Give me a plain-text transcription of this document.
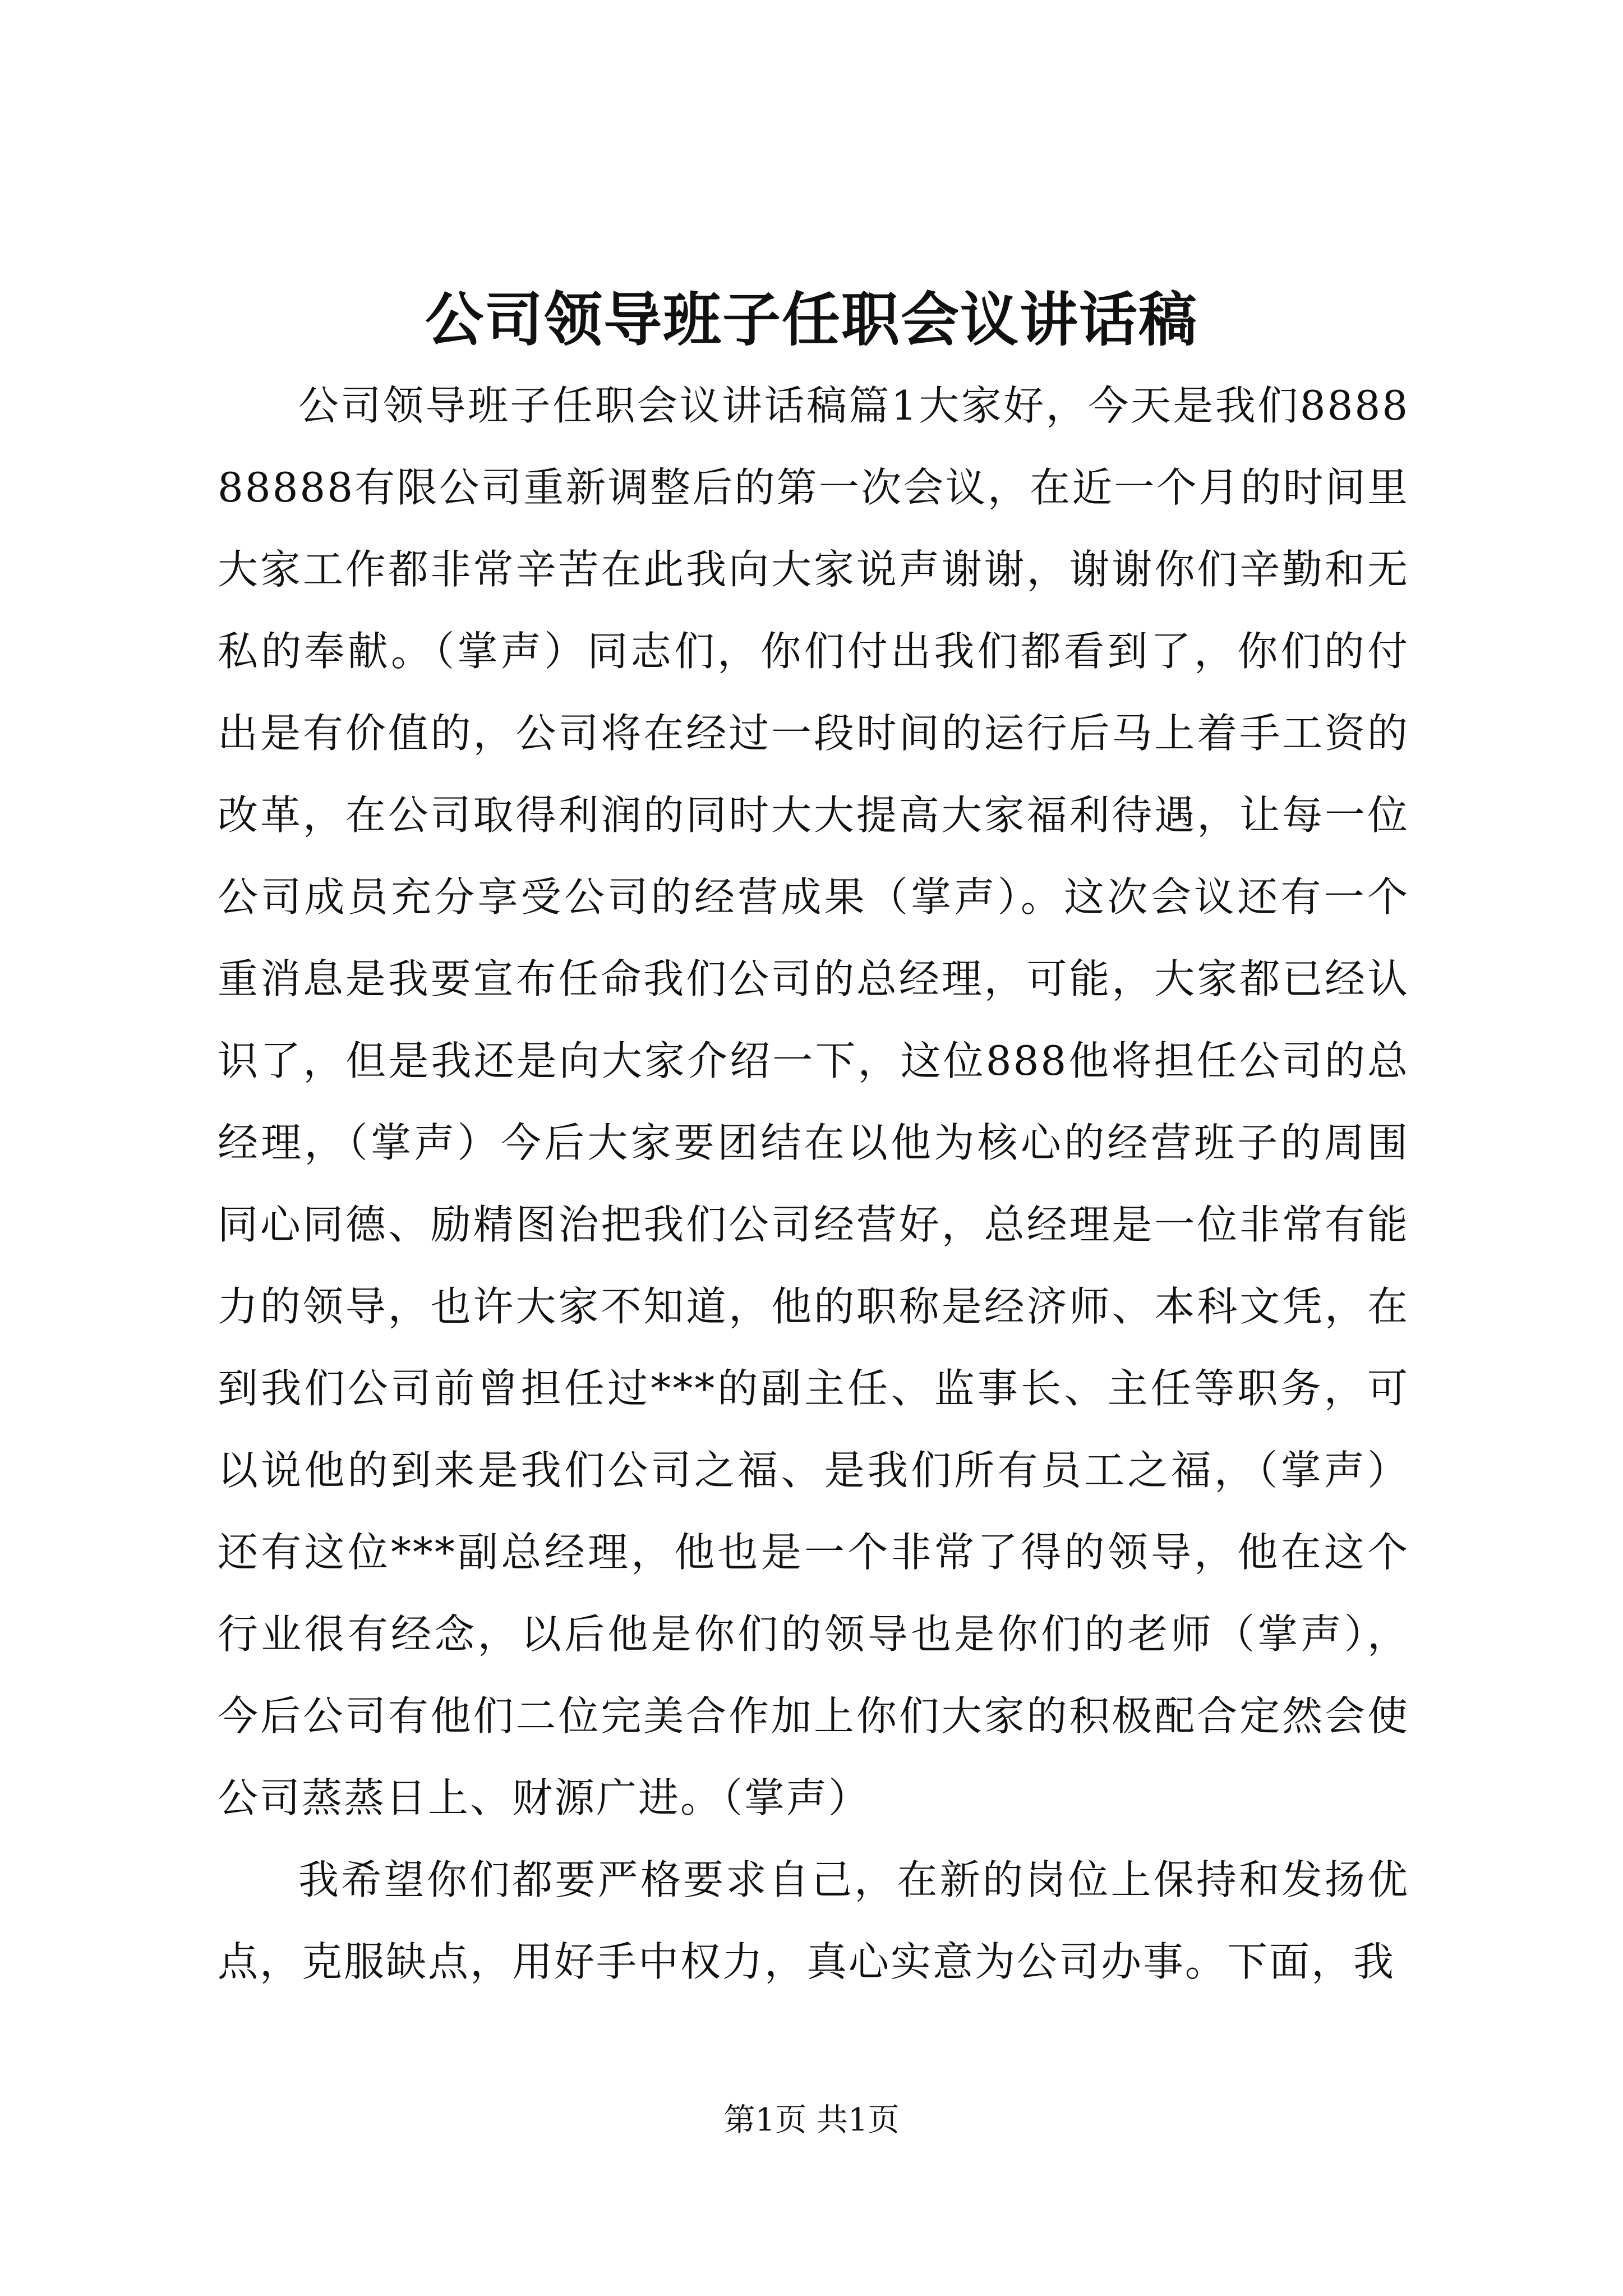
公司领导班子任职会议讲话稿

公司领导班子任职会议讲话稿篇1大家好，今天是我们888888888有限公司重新调整后的第一次会议，在近一个月的时间里大家工作都非常辛苦在此我向大家说声谢谢，谢谢你们辛勤和无私的奉献。（掌声）同志们，你们付出我们都看到了，你们的付出是有价值的，公司将在经过一段时间的运行后马上着手工资的改革，在公司取得利润的同时大大提高大家福利待遇，让每一位公司成员充分享受公司的经营成果（掌声）。这次会议还有一个重消息是我要宣布任命我们公司的总经理，可能，大家都已经认识了，但是我还是向大家介绍一下，这位888他将担任公司的总经理，（掌声）今后大家要团结在以他为核心的经营班子的周围同心同德、励精图治把我们公司经营好，总经理是一位非常有能力的领导，也许大家不知道，他的职称是经济师、本科文凭，在到我们公司前曾担任过***的副主任、监事长、主任等职务，可以说他的到来是我们公司之福、是我们所有员工之福，（掌声）还有这位***副总经理，他也是一个非常了得的领导，他在这个行业很有经念，以后他是你们的领导也是你们的老师（掌声），今后公司有他们二位完美合作加上你们大家的积极配合定然会使公司蒸蒸日上、财源广进。（掌声）

我希望你们都要严格要求自己，在新的岗位上保持和发扬优点，克服缺点，用好手中权力，真心实意为公司办事。下面，我

第1页 共1页
